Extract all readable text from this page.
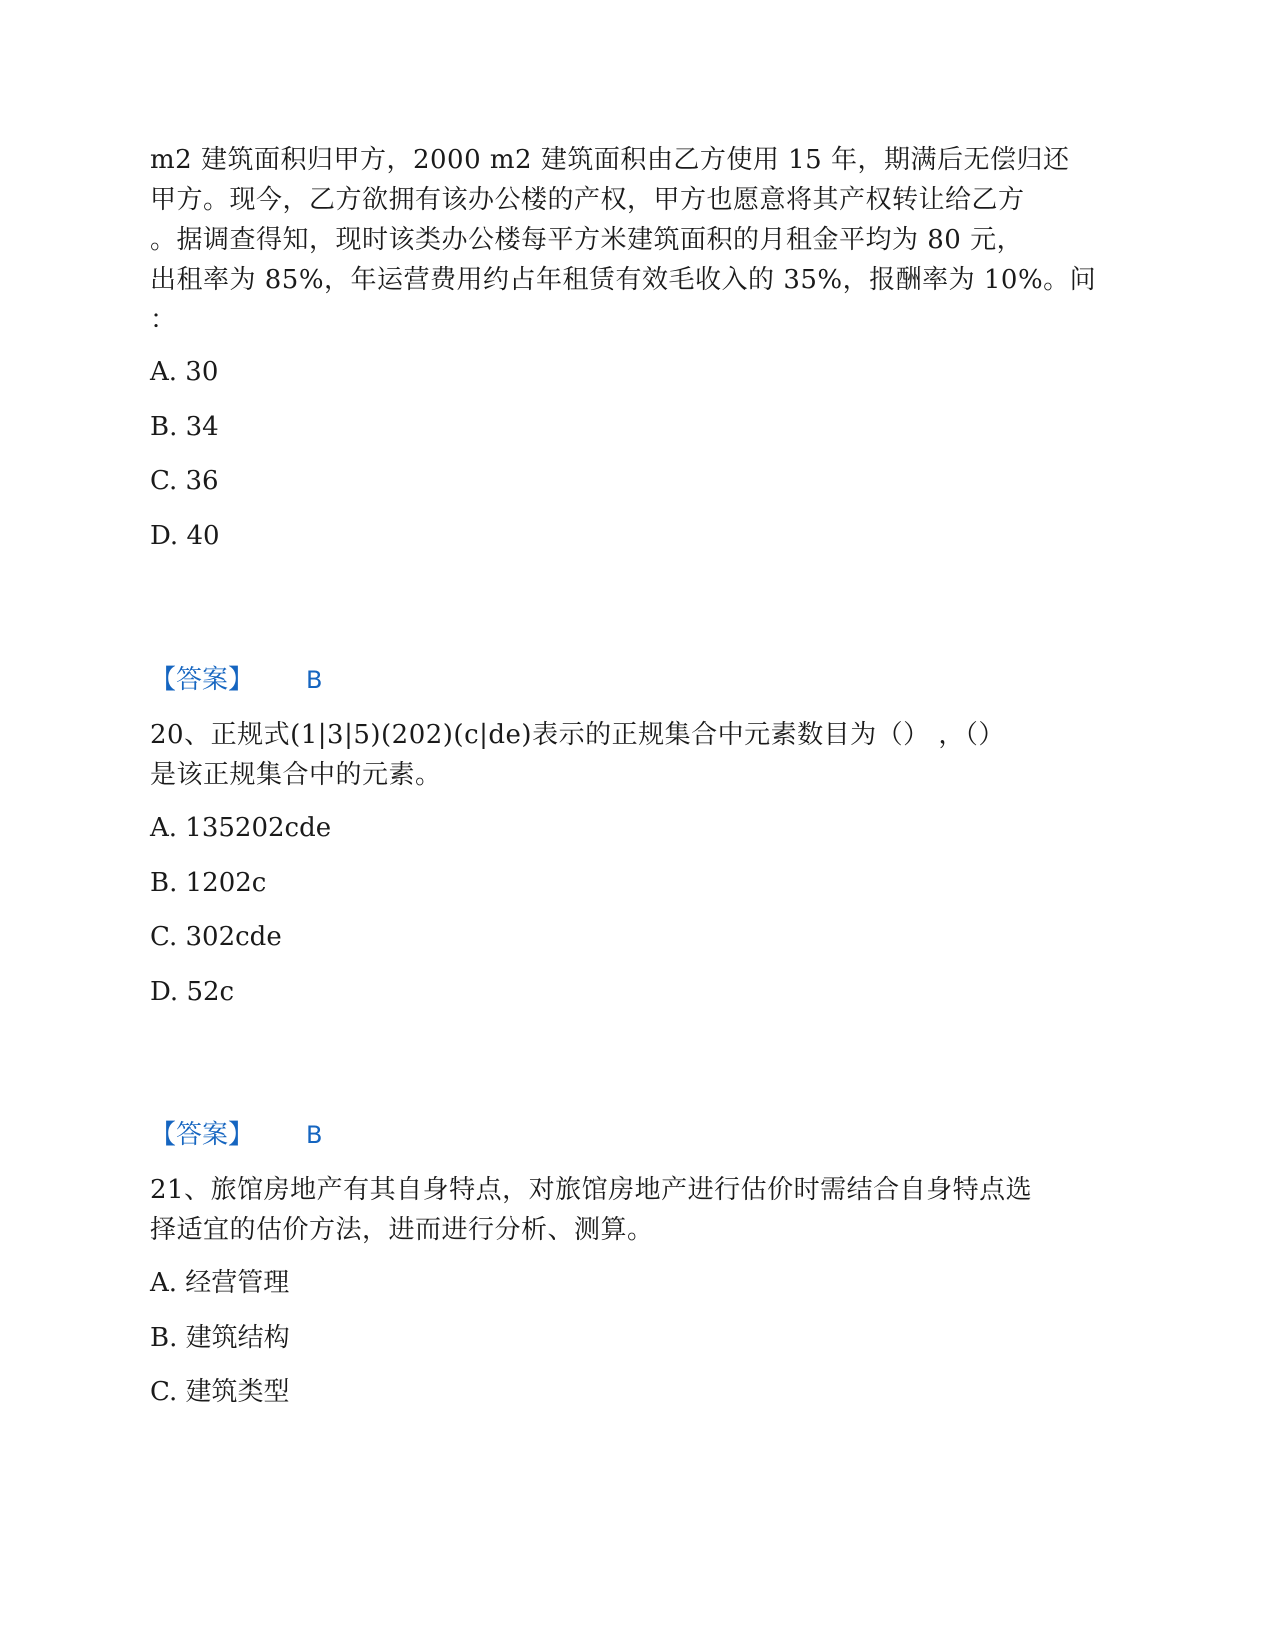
m2 建筑面积归甲方，2000 m2 建筑面积由乙方使用 15 年，期满后无偿归还
甲方。现今，乙方欲拥有该办公楼的产权，甲方也愿意将其产权转让给乙方
。据调查得知，现时该类办公楼每平方米建筑面积的月租金平均为 80 元，
出租率为 85%，年运营费用约占年租赁有效毛收入的 35%，报酬率为 10%。问
：
A. 30
B. 34
C. 36
D. 40
【答案】 B
20、正规式(1|3|5)(202)(c|de)表示的正规集合中元素数目为（） ，（）
是该正规集合中的元素。
A. 135202cde
B. 1202c
C. 302cde
D. 52c
【答案】 B
21、旅馆房地产有其自身特点，对旅馆房地产进行估价时需结合自身特点选
择适宜的估价方法，进而进行分析、测算。
A. 经营管理
B. 建筑结构
C. 建筑类型
